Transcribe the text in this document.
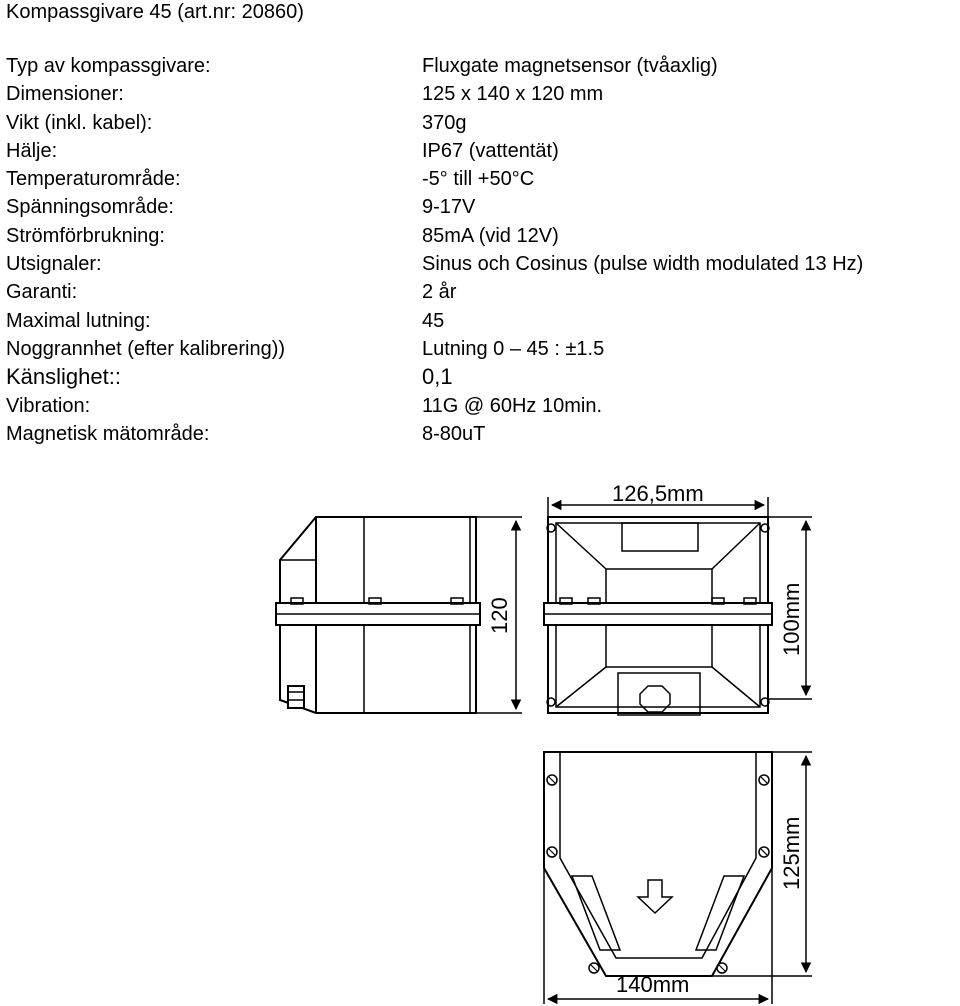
Kompassgivare 45 (art.nr: 20860)
Typ av kompassgivare:	Fluxgate magnetsensor (tvåaxlig)
Dimensioner:	125 x 140 x 120 mm
Vikt (inkl. kabel):	370g
Hälje:	IP67 (vattentät)
Temperaturområde:	-5° till +50°C
Spänningsområde:	9-17V
Strömförbrukning:	85mA (vid 12V)
Utsignaler:	Sinus och Cosinus (pulse width modulated 13 Hz)
Garanti:	2 år
Maximal lutning:	45
Noggrannhet (efter kalibrering))	Lutning 0 – 45 : ±1.5
Känslighet::	0,1
Vibration:	11G @ 60Hz 10min.
Magnetisk mätområde:	8-80uT
120
126,5mm
100mm
125mm
140mm
